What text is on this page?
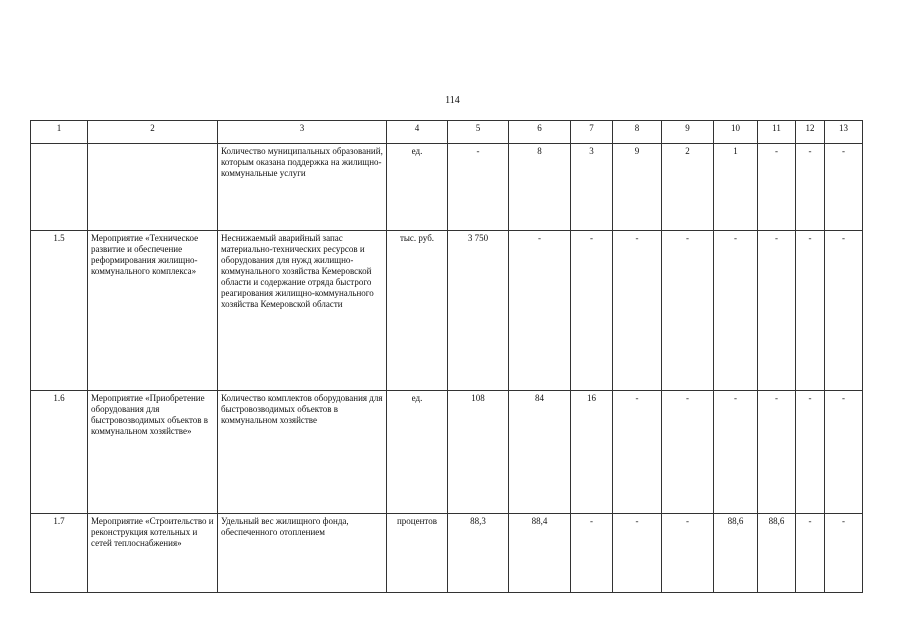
114
1	2	3	4	5	6	7	8	9	10	11	12	13
		Количество муниципальных образований, которым оказана поддержка на жилищно-коммунальные услуги	ед.	-	8	3	9	2	1	-	-	-
1.5	Мероприятие «Техническое развитие и обеспечение реформирования жилищно-коммунального комплекса»	Неснижаемый аварийный запас материально-технических ресурсов и оборудования для нужд жилищно-коммунального хозяйства Кемеровской области и содержание отряда быстрого реагирования жилищно-коммунального хозяйства Кемеровской области	тыс. руб.	3 750	-	-	-	-	-	-	-	-
1.6	Мероприятие «Приобретение оборудования для быстровозводимых объектов в коммунальном хозяйстве»	Количество комплектов оборудования для быстровозводимых объектов в коммунальном хозяйстве	ед.	108	84	16	-	-	-	-	-	-
1.7	Мероприятие «Строительство и реконструкция котельных и сетей теплоснабжения»	Удельный вес жилищного фонда, обеспеченного отоплением	процентов	88,3	88,4	-	-	-	88,6	88,6	-	-
